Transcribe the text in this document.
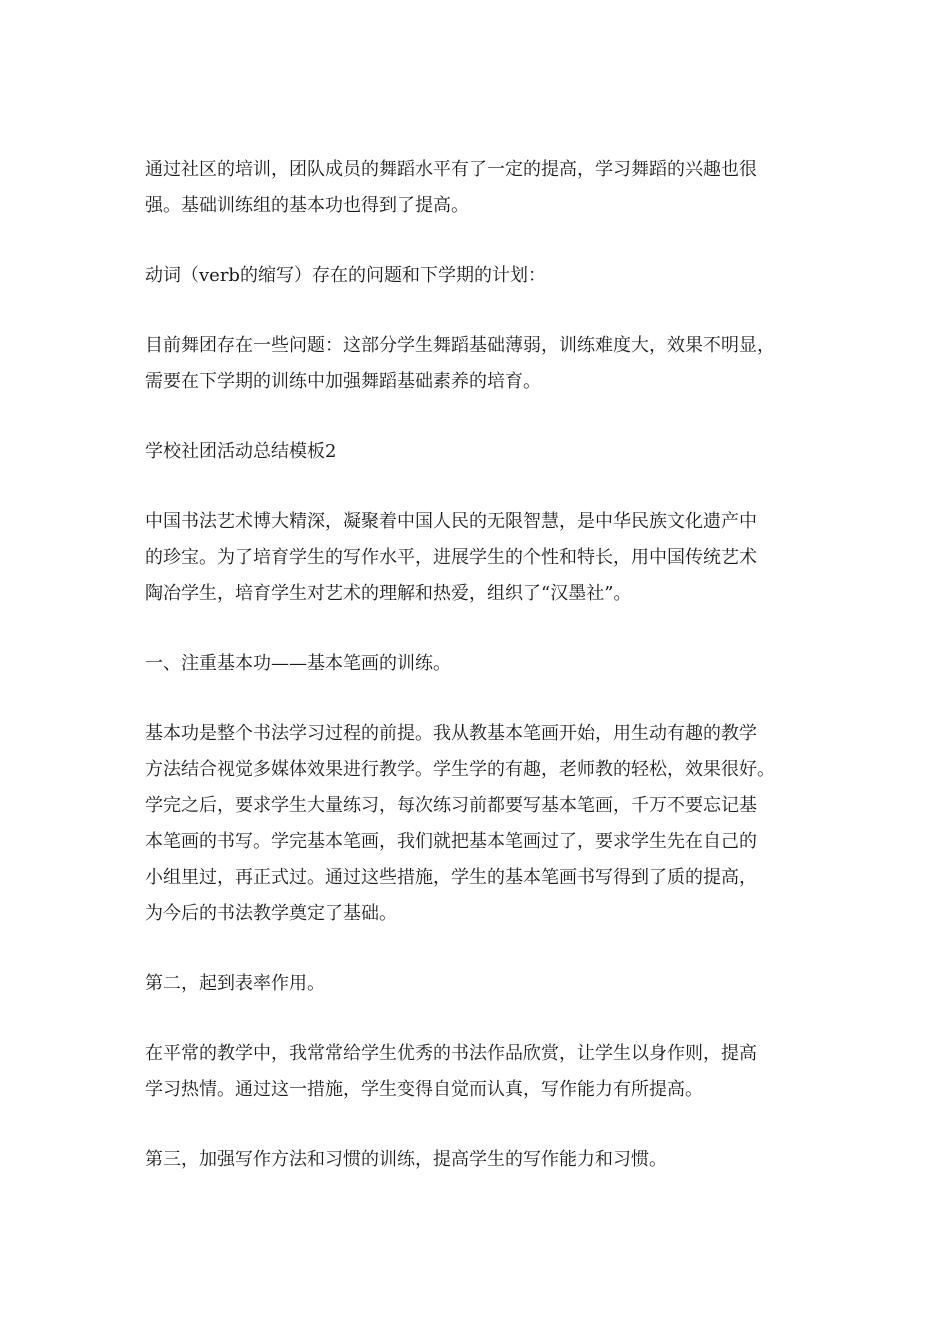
通过社区的培训，团队成员的舞蹈水平有了一定的提高，学习舞蹈的兴趣也很
强。基础训练组的基本功也得到了提高。

动词（verb的缩写）存在的问题和下学期的计划：

目前舞团存在一些问题：这部分学生舞蹈基础薄弱，训练难度大，效果不明显，
需要在下学期的训练中加强舞蹈基础素养的培育。

学校社团活动总结模板2

中国书法艺术博大精深，凝聚着中国人民的无限智慧，是中华民族文化遗产中
的珍宝。为了培育学生的写作水平，进展学生的个性和特长，用中国传统艺术
陶冶学生，培育学生对艺术的理解和热爱，组织了“汉墨社”。

一、注重基本功——基本笔画的训练。

基本功是整个书法学习过程的前提。我从教基本笔画开始，用生动有趣的教学
方法结合视觉多媒体效果进行教学。学生学的有趣，老师教的轻松，效果很好。
学完之后，要求学生大量练习，每次练习前都要写基本笔画，千万不要忘记基
本笔画的书写。学完基本笔画，我们就把基本笔画过了，要求学生先在自己的
小组里过，再正式过。通过这些措施，学生的基本笔画书写得到了质的提高，
为今后的书法教学奠定了基础。

第二，起到表率作用。

在平常的教学中，我常常给学生优秀的书法作品欣赏，让学生以身作则，提高
学习热情。通过这一措施，学生变得自觉而认真，写作能力有所提高。

第三，加强写作方法和习惯的训练，提高学生的写作能力和习惯。
